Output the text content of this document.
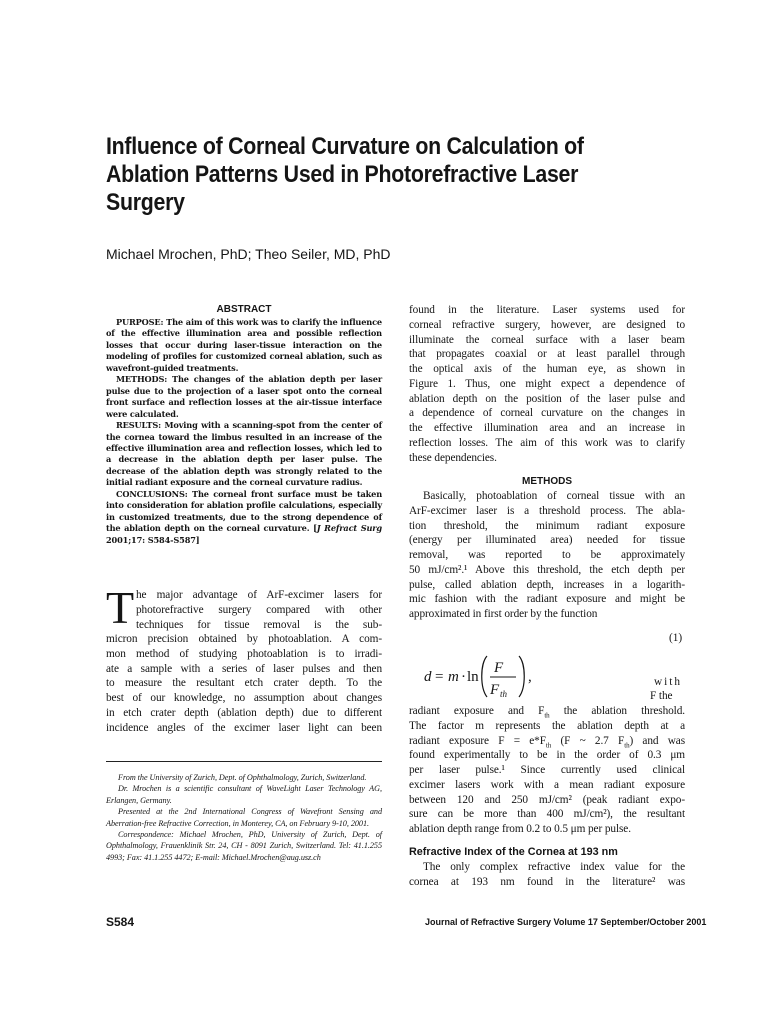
Influence of Corneal Curvature on Calculation of
Ablation Patterns Used in Photorefractive Laser
Surgery
Michael Mrochen, PhD; Theo Seiler, MD, PhD
ABSTRACT

PURPOSE: The aim of this work was to clarify the influence of the effective illumination area and possible reflection losses that occur during laser-tissue interaction on the modeling of profiles for customized corneal ablation, such as wavefront-guided treatments.

METHODS: The changes of the ablation depth per laser pulse due to the projection of a laser spot onto the corneal front surface and reflection losses at the air-tissue interface were calculated.

RESULTS: Moving with a scanning-spot from the center of the cornea toward the limbus resulted in an increase of the effective illumination area and reflection losses, which led to a decrease in the ablation depth per laser pulse. The decrease of the ablation depth was strongly related to the initial radiant exposure and the corneal curvature radius.

CONCLUSIONS: The corneal front surface must be taken into consideration for ablation profile calculations, especially in customized treatments, due to the strong dependence of the ablation depth on the corneal curvature. [J Refract Surg 2001;17: S584-S587]

T he major advantage of ArF-excimer lasers for
photorefractive surgery compared with other
techniques for tissue removal is the sub-
micron precision obtained by photoablation. A com-
mon method of studying photoablation is to irradi-
ate a sample with a series of laser pulses and then
to measure the resultant etch crater depth. To the
best of our knowledge, no assumption about changes
in etch crater depth (ablation depth) due to different
incidence angles of the excimer laser light can been

From the University of Zurich, Dept. of Ophthalmology, Zurich, Switzerland.

Dr. Mrochen is a scientific consultant of WaveLight Laser Technology AG, Erlangen, Germany.

Presented at the 2nd International Congress of Wavefront Sensing and Aberration-free Refractive Correction, in Monterey, CA, on February 9-10, 2001.

Correspondence: Michael Mrochen, PhD, University of Zurich, Dept. of Ophthalmology, Frauenklinik Str. 24, CH - 8091 Zurich, Switzerland. Tel: 41.1.255 4993; Fax: 41.1.255 4472; E-mail: Michael.Mrochen@aug.usz.ch

found in the literature. Laser systems used for
corneal refractive surgery, however, are designed to
illuminate the corneal surface with a laser beam
that propagates coaxial or at least parallel through
the optical axis of the human eye, as shown in
Figure 1. Thus, one might expect a dependence of
ablation depth on the position of the laser pulse and
a dependence of corneal curvature on the changes in
the effective illumination area and an increase in
reflection losses. The aim of this work was to clarify
these dependencies.
METHODS
Basically, photoablation of corneal tissue with an
ArF-excimer laser is a threshold process. The abla-
tion threshold, the minimum radiant exposure
(energy per illuminated area) needed for tissue
removal, was reported to be approximately
50 mJ/cm².¹ Above this threshold, the etch depth per
pulse, called ablation depth, increases in a logarith-
mic fashion with the radiant exposure and might be
approximated in first order by the function
(1)
d = m · ln
F
F th
,	with
F the
radiant exposure and $F_{th}$ the ablation threshold.
The factor m represents the ablation depth at a
radiant exposure $F = e*F_{th}$ (F ~ 2.7 $F_{th}$) and was
found experimentally to be in the order of 0.3 μm
per laser pulse.¹ Since currently used clinical
excimer lasers work with a mean radiant exposure
between 120 and 250 mJ/cm² (peak radiant expo-
sure can be more than 400 mJ/cm²), the resultant
ablation depth range from 0.2 to 0.5 μm per pulse.
Refractive Index of the Cornea at 193 nm
The only complex refractive index value for the
cornea at 193 nm found in the literature² was
S584	Journal of Refractive Surgery Volume 17 September/October 2001
